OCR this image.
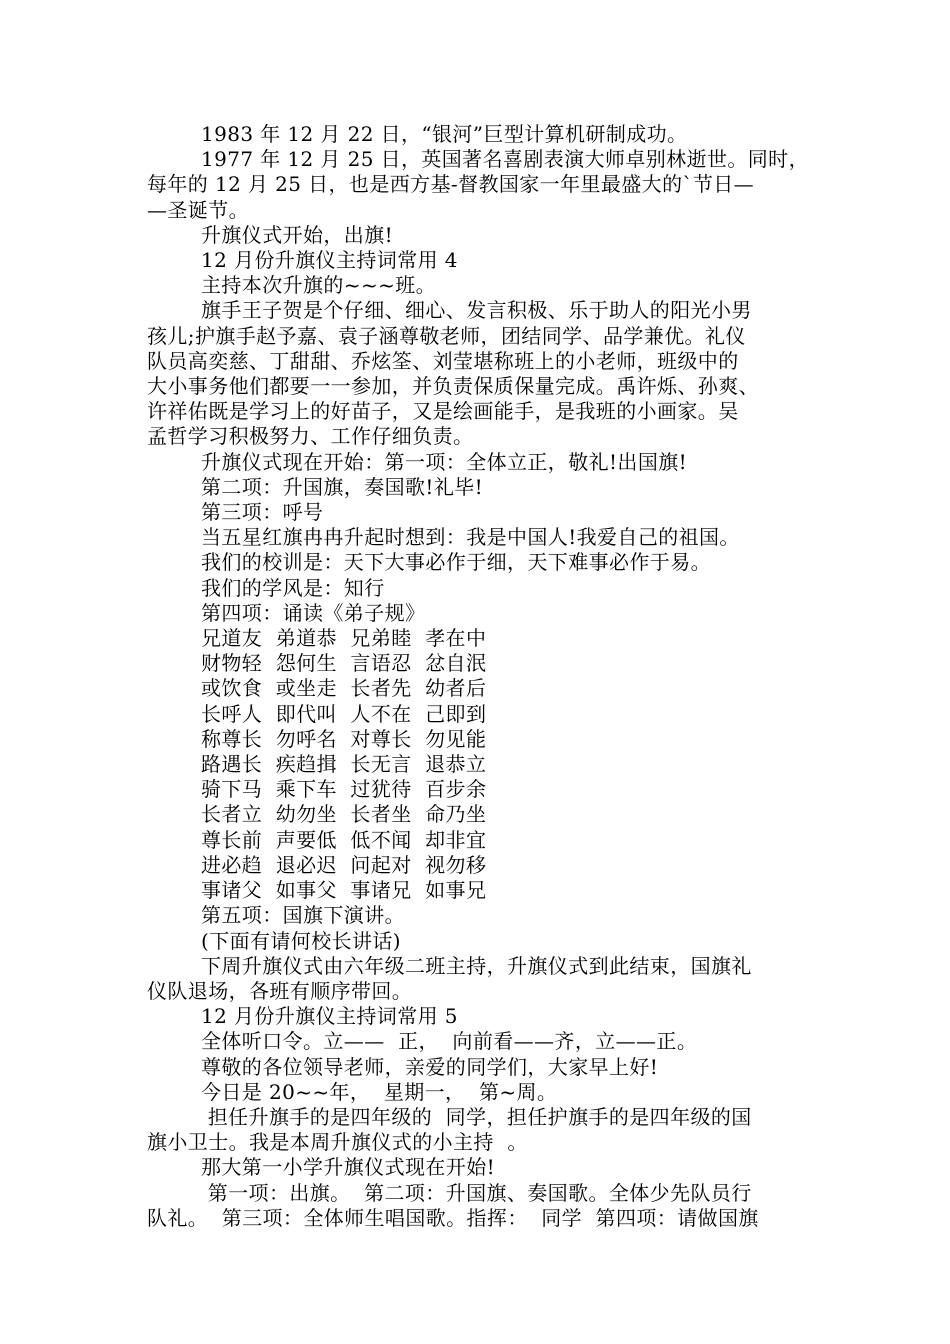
1983 年 12 月 22 日，“银河”巨型计算机研制成功。

1977 年 12 月 25 日，英国著名喜剧表演大师卓别林逝世。同时，

每年的 12 月 25 日，也是西方基-督教国家一年里最盛大的`节日—

—圣诞节。

升旗仪式开始，出旗!

12 月份升旗仪主持词常用 4

主持本次升旗的~~~班。

旗手王子贺是个仔细、细心、发言积极、乐于助人的阳光小男

孩儿;护旗手赵予嘉、袁子涵尊敬老师，团结同学、品学兼优。礼仪

队员高奕慈、丁甜甜、乔炫筌、刘莹堪称班上的小老师，班级中的

大小事务他们都要一一参加，并负责保质保量完成。禹许烁、孙爽、

许祥佑既是学习上的好苗子，又是绘画能手，是我班的小画家。吴

孟哲学习积极努力、工作仔细负责。

升旗仪式现在开始：第一项：全体立正，敬礼!出国旗!

第二项：升国旗，奏国歌!礼毕!

第三项：呼号

当五星红旗冉冉升起时想到：我是中国人!我爱自己的祖国。

我们的校训是：天下大事必作于细，天下难事必作于易。

我们的学风是：知行

第四项：诵读《弟子规》

兄道友  弟道恭  兄弟睦  孝在中

财物轻  怨何生  言语忍  忿自泯

或饮食  或坐走  长者先  幼者后

长呼人  即代叫  人不在  己即到

称尊长  勿呼名  对尊长  勿见能

路遇长  疾趋揖  长无言  退恭立

骑下马  乘下车  过犹待  百步余

长者立  幼勿坐  长者坐  命乃坐

尊长前  声要低  低不闻  却非宜

进必趋  退必迟  问起对  视勿移

事诸父  如事父  事诸兄  如事兄

第五项：国旗下演讲。

(下面有请何校长讲话)

下周升旗仪式由六年级二班主持，升旗仪式到此结束，国旗礼

仪队退场，各班有顺序带回。

12 月份升旗仪主持词常用 5

全体听口令。立——  正，  向前看——齐，立——正。

尊敬的各位领导老师，亲爱的同学们，大家早上好!

今日是 20~~年，  星期一，  第~周。

担任升旗手的是四年级的  同学，担任护旗手的是四年级的国

旗小卫士。我是本周升旗仪式的小主持  。

那大第一小学升旗仪式现在开始!

第一项：出旗。  第二项：升国旗、奏国歌。全体少先队员行

队礼。  第三项：全体师生唱国歌。指挥：  同学  第四项：请做国旗
